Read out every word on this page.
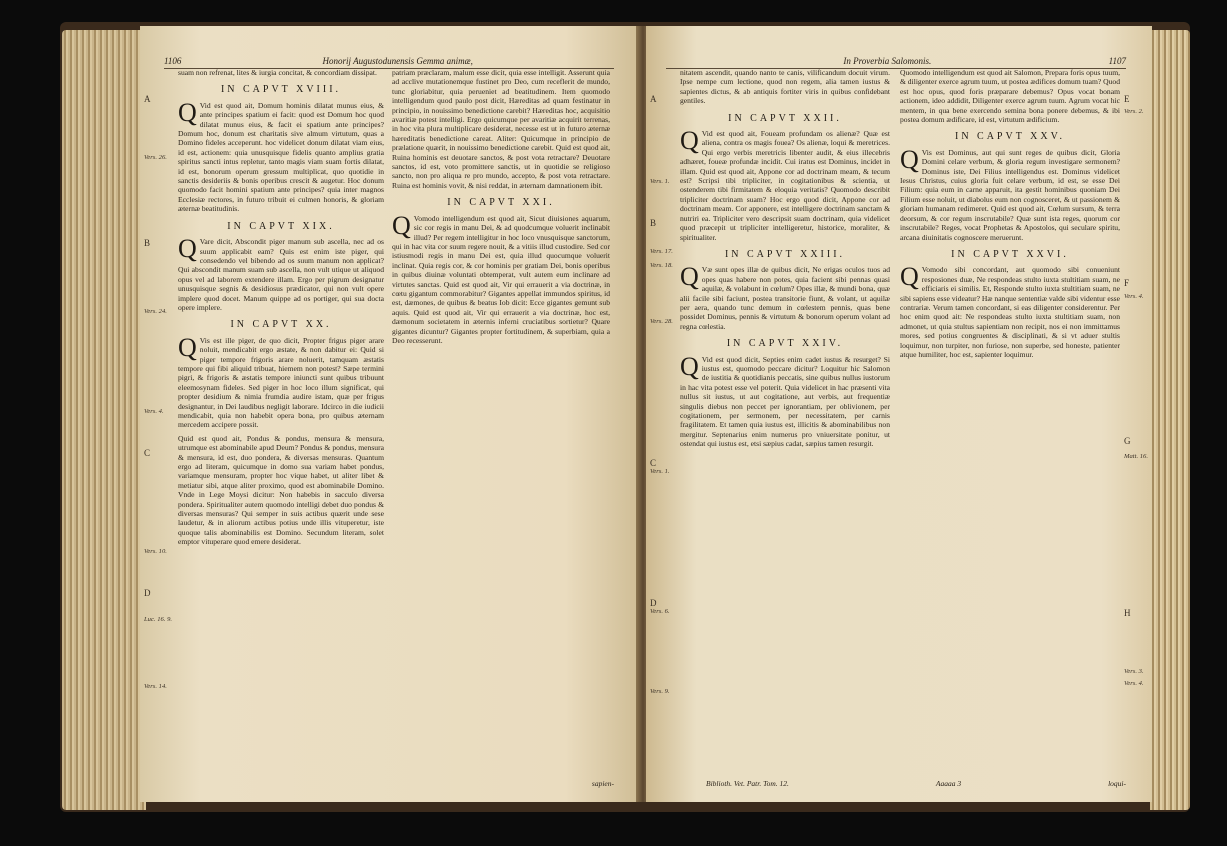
1106	Honorij Augustodunensis Gemma animæ,
A
Vers. 26.
B
Vers. 24.
Vers. 4.
C
Vers. 10.
D
Luc. 16. 9.
Vers. 14.
suam non refrenat, lites & iurgia concitat, & concordiam dissipat.
IN CAPVT XVIII.
Q Vid est quod ait, Domum hominis dilatat munus eius, & ante principes spatium ei facit: quod est Domum hoc quod dilatat munus eius, & facit ei spatium ante principes? Domum hoc, donum est charitatis sive almum virtutum, quas a Domino fideles acceperunt. hoc videlicet donum dilatat viam eius, id est, actionem: quia unusquisque fidelis quanto amplius gratia spiritus sancti intus repletur, tanto magis viam suam fortis dilatat, id est, bonorum operum gressum multiplicat, quo quotidie in sanctis desideriis & bonis operibus crescit & augetur. Hoc donum quomodo facit homini spatium ante principes? quia inter magnos Ecclesiæ rectores, in futuro tribuit ei culmen honoris, & gloriam æternæ beatitudinis.
IN CAPVT XIX.
Q Vare dicit, Abscondit piger manum sub ascella, nec ad os suum applicabit eam? Quis est enim iste piger, qui consedendo vel bibendo ad os suum manum non applicat? Qui abscondit manum suam sub ascella, non vult utique ut aliquod opus vel ad laborem extendere illam. Ergo per pigrum designatur unusquisque segnis & desidiosus prædicator, qui non vult opere implere quod docet. Manum quippe ad os portiger, qui sua docta opere implere.
IN CAPVT XX.
Q Vis est ille piger, de quo dicit, Propter frigus piger arare noluit, mendicabit ergo æstate, & non dabitur ei: Quid si piger tempore frigoris arare noluerit, tamquam æstatis tempore qui fibi aliquid tribuat, hiemem non potest? Sæpe termini pigri, & frigoris & æstatis tempore iniuncti sunt quibus tribuunt eleemosynam fideles. Sed piger in hoc loco illum significat, qui propter desidium & nimia frumdia audire istam, quæ per frigus designantur, in Dei laudibus negligit laborare. Idcirco in die iudicii mendicabit, quia non habebit opera bona, pro quibus æternam mercedem accipere possit.
Quid est quod ait, Pondus & pondus, mensura & mensura, utrumque est abominabile apud Deum? Pondus & pondus, mensura & mensura, id est, duo pondera, & diversas mensuras. Quantum ergo ad literam, quicumque in domo sua variam habet pondus, variamque mensuram, propter hoc vique habet, ut aliter libet & metiatur sibi, atque aliter proximo, quod est abominabile Domino. Vnde in Lege Moysi dicitur: Non habebis in sacculo diversa pondera. Spiritualiter autem quomodo intelligi debet duo pondus & diversas mensuras? Qui semper in suis actibus quærit unde sese laudetur, & in aliorum actibus potius unde illis vituperetur, iste quoque talis abominabilis est Domino. Secundum literam, solet emptor vituperare quod emere desiderat.
patriam præclaram, malum esse dicit, quia esse intelligit. Asserunt quia ad acclive mutationemque fustinet pro Deo, cum receflerit de mundo, tunc gloriabitur, quia perueniet ad beatitudinem. Item quomodo intelligendum quod paulo post dicit, Hæreditas ad quam festinatur in principio, in nouissimo benedictione carebit? Hæreditas hoc, acquisitio avaritiæ potest intelligi. Ergo quicumque per avaritiæ acquirit terrenas, in hoc vita plura multiplicare desiderat, necesse est ut in futuro æternæ hæreditatis benedictione careat. Aliter: Quicumque in principio de prælatione quærit, in nouissimo benedictione carebit. Quid est quod ait, Ruina hominis est deuotare sanctos, & post vota retractare? Deuotare sanctos, id est, voto promittere sanctis, ut in quotidie se religioso sancto, non pro aliqua re pro mundo, accepto, & post vota retractare. Ruina est hominis vovit, & nisi reddat, in æternam damnationem ibit.
IN CAPVT XXI.
Q Vomodo intelligendum est quod ait, Sicut diuisiones aquarum, sic cor regis in manu Dei, & ad quodcumque voluerit inclinabit illud? Per regem intelligitur in hoc loco vnusquisque sanctorum, qui in hac vita cor suum regere nouit, & a vitiis illud custodire. Sed cor istiusmodi regis in manu Dei est, quia illud quocumque voluerit inclinat. Quia regis cor, & cor hominis per gratiam Dei, bonis operibus in quibus diuinæ voluntati obtemperat, vult autem eum inclinare ad virtutes sanctas. Quid est quod ait, Vir qui errauerit a via doctrinæ, in cœtu gigantum commorabitur? Gigantes appellat immundos spiritus, id est, dæmones, de quibus & beatus Iob dicit: Ecce gigantes gemunt sub aquis. Quid est quod ait, Vir qui errauerit a via doctrinæ, hoc est, dæmonum societatem in æternis inferni cruciatibus sortietur? Quare gigantes dicuntur? Gigantes propter fortitudinem, & superbiam, quia a Deo recesserunt.
sapien-
In Proverbia Salomonis.	1107
A
Vers. 1.
B
Vers. 17.
Vers. 18.
Vers. 28.
C
Vers. 1.
D
Vers. 6.
Vers. 9.
E
Vers. 2.
F
Vers. 4.
G
Matt. 16.
H
Vers. 3.
Vers. 4.
nitatem ascendit, quando nanto te canis, vilificandum docuit virum. Ipse nempe cum lectione, quod non regem, alia tamen iustus & sapientes dictus, & ab antiquis fortiter viris in quibus confidebant gentiles.
IN CAPVT XXII.
Q Vid est quod ait, Foueam profundam os alienæ? Quæ est aliena, contra os magis fouea? Os alienæ, loqui & meretrices. Qui ergo verbis meretricis libenter audit, & eius illecebris adhæret, foueæ profundæ incidit. Cui iratus est Dominus, incidet in illam. Quid est quod ait, Appone cor ad doctrinam meam, & tecum est? Scripsi tibi tripliciter, in cogitationibus & scientia, ut ostenderem tibi firmitatem & eloquia veritatis? Quomodo describit tripliciter doctrinam suam? Hoc ergo quod dicit, Appone cor ad doctrinam meam. Cor apponere, est intelligere doctrinam sanctam & nutriri ea. Tripliciter vero descripsit suam doctrinam, quia videlicet quod præcepit ut tripliciter intelligeretur, historice, moraliter, & spiritualiter.
IN CAPVT XXIII.
Q Væ sunt opes illæ de quibus dicit, Ne erigas oculos tuos ad opes quas habere non potes, quia facient sibi pennas quasi aquilæ, & volabunt in cœlum? Opes illæ, & mundi bona, quæ alii facile sibi faciunt, postea transitorie fiunt, & volant, ut aquilæ per aera, quando tunc demum in cœlestem pennis, quas bene possidet Dominus, pennis & virtutum & bonorum operum volant ad regna cœlestia.
IN CAPVT XXIV.
Q Vid est quod dicit, Septies enim cadet iustus & resurget? Si iustus est, quomodo peccare dicitur? Loquitur hic Salomon de iustitia & quotidianis peccatis, sine quibus nullus iustorum in hac vita potest esse vel poterit. Quia videlicet in hac præsenti vita nullus sit iustus, ut aut cogitatione, aut verbis, aut frequentiæ singulis diebus non peccet per ignorantiam, per oblivionem, per cogitationem, per sermonem, per necessitatem, per carnis fragilitatem. Et tamen quia iustus est, illicitis & abominabilibus non mergitur. Septenarius enim numerus pro vniuersitate ponitur, ut ostendat qui iustus est, etsi sæpius cadat, sæpius tamen resurgit.
Quomodo intelligendum est quod ait Salomon, Prepara foris opus tuum, & diligenter exerce agrum tuum, ut postea ædifices domum tuam? Quod est hoc opus, quod foris præparare debemus? Opus vocat bonam actionem, ideo addidit, Diligenter exerce agrum tuum. Agrum vocat hic mentem, in qua bene exercendo semina bona ponere debemus, & ibi postea domum ædificare, id est, virtutum ædificium.
IN CAPVT XXV.
Q Vis est Dominus, aut qui sunt reges de quibus dicit, Gloria Domini celare verbum, & gloria regum investigare sermonem? Dominus iste, Dei Filius intelligendus est. Dominus videlicet Iesus Christus, cuius gloria fuit celare verbum, id est, se esse Dei Filium: quia eum in carne apparuit, ita gestit hominibus quoniam Dei Filium esse noluit, ut diabolus eum non cognosceret, & ut passionem & gloriam humanam redimeret. Quid est quod ait, Cœlum sursum, & terra deorsum, & cor regum inscrutabile? Quæ sunt ista reges, quorum cor inscrutabile? Reges, vocat Prophetas & Apostolos, qui seculare spiritu, arcana diuinitatis cognoscere meruerunt.
IN CAPVT XXVI.
Q Vomodo sibi concordant, aut quomodo sibi conueniunt resposiones duæ, Ne respondeas stulto iuxta stultitiam suam, ne efficiaris ei similis. Et, Responde stulto iuxta stultitiam suam, ne sibi sapiens esse videatur? Hæ nanque sententiæ valde sibi videntur esse contrariæ. Verum tamen concordant, si eas diligenter considerentur. Per hoc enim quod ait: Ne respondeas stulto iuxta stultitiam suam, non admonet, ut quia stultus sapientiam non recipit, nos ei non immittamus mores, sed potius congruentes & disciplinati, & si vt aduer stultis loquimur, non turpiter, non furiose, non superbe, sed honeste, patienter atque humiliter, hoc est, sapienter loquimur.
Biblioth. Vet. Patr. Tom. 12.	Aaaaa 3	loqui-
